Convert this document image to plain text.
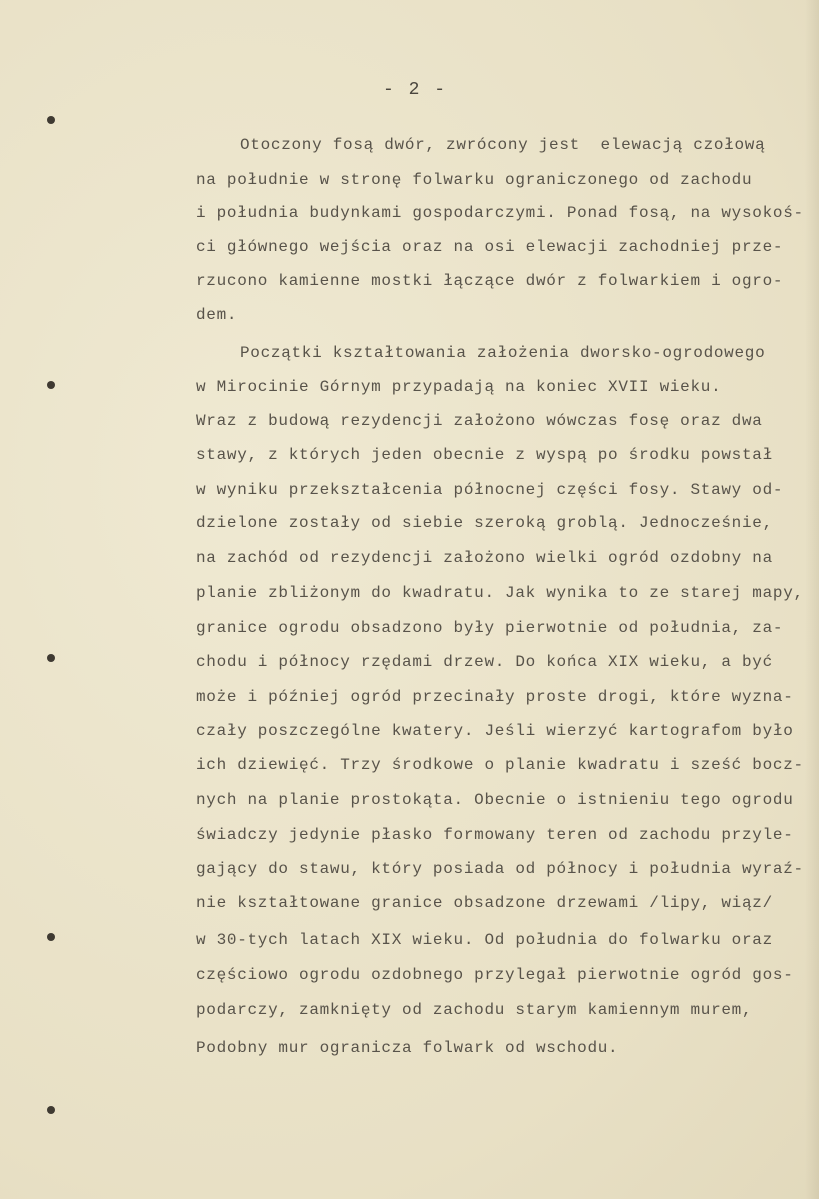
- 2 -
Otoczony fosą dwór, zwrócony jest  elewacją czołową
na południe w stronę folwarku ograniczonego od zachodu
i południa budynkami gospodarczymi. Ponad fosą, na wysokoś-
ci głównego wejścia oraz na osi elewacji zachodniej prze-
rzucono kamienne mostki łączące dwór z folwarkiem i ogro-
dem.
Początki kształtowania założenia dworsko-ogrodowego
w Mirocinie Górnym przypadają na koniec XVII wieku.
Wraz z budową rezydencji założono wówczas fosę oraz dwa
stawy, z których jeden obecnie z wyspą po środku powstał
w wyniku przekształcenia północnej części fosy. Stawy od-
dzielone zostały od siebie szeroką groblą. Jednocześnie,
na zachód od rezydencji założono wielki ogród ozdobny na
planie zbliżonym do kwadratu. Jak wynika to ze starej mapy,
granice ogrodu obsadzono były pierwotnie od południa, za-
chodu i północy rzędami drzew. Do końca XIX wieku, a być
może i później ogród przecinały proste drogi, które wyzna-
czały poszczególne kwatery. Jeśli wierzyć kartografom było
ich dziewięć. Trzy środkowe o planie kwadratu i sześć bocz-
nych na planie prostokąta. Obecnie o istnieniu tego ogrodu
świadczy jedynie płasko formowany teren od zachodu przyle-
gający do stawu, który posiada od północy i południa wyraź-
nie kształtowane granice obsadzone drzewami /lipy, wiąz/
w 30-tych latach XIX wieku. Od południa do folwarku oraz
częściowo ogrodu ozdobnego przylegał pierwotnie ogród gos-
podarczy, zamknięty od zachodu starym kamiennym murem,
Podobny mur ogranicza folwark od wschodu.
